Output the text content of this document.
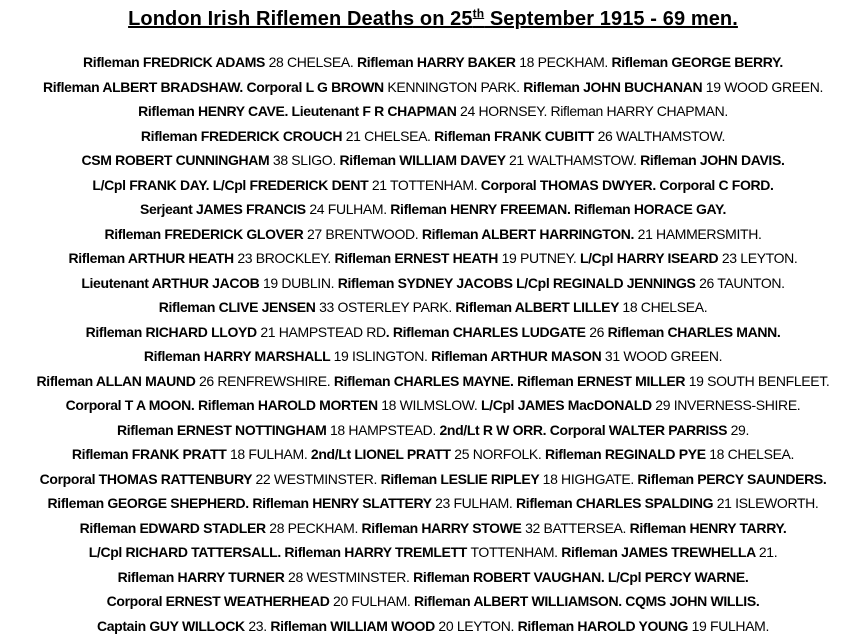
London Irish Riflemen Deaths on 25th September 1915 - 69 men.
Rifleman FREDRICK ADAMS 28 CHELSEA. Rifleman HARRY BAKER 18 PECKHAM. Rifleman GEORGE BERRY.
Rifleman ALBERT BRADSHAW. Corporal L G BROWN KENNINGTON PARK. Rifleman JOHN BUCHANAN 19 WOOD GREEN.
Rifleman HENRY CAVE. Lieutenant F R CHAPMAN 24 HORNSEY. Rifleman HARRY CHAPMAN.
Rifleman FREDERICK CROUCH 21 CHELSEA. Rifleman FRANK CUBITT 26 WALTHAMSTOW.
CSM ROBERT CUNNINGHAM 38 SLIGO. Rifleman WILLIAM DAVEY 21 WALTHAMSTOW. Rifleman JOHN DAVIS.
L/Cpl FRANK DAY. L/Cpl FREDERICK DENT 21 TOTTENHAM. Corporal THOMAS DWYER. Corporal C FORD.
Serjeant JAMES FRANCIS 24 FULHAM. Rifleman HENRY FREEMAN. Rifleman HORACE GAY.
Rifleman FREDERICK GLOVER 27 BRENTWOOD. Rifleman ALBERT HARRINGTON. 21 HAMMERSMITH.
Rifleman ARTHUR HEATH 23 BROCKLEY. Rifleman ERNEST HEATH 19 PUTNEY. L/Cpl HARRY ISEARD 23 LEYTON.
Lieutenant ARTHUR JACOB 19 DUBLIN. Rifleman SYDNEY JACOBS L/Cpl REGINALD JENNINGS 26 TAUNTON.
Rifleman CLIVE JENSEN 33 OSTERLEY PARK. Rifleman ALBERT LILLEY 18 CHELSEA.
Rifleman RICHARD LLOYD 21 HAMPSTEAD RD. Rifleman CHARLES LUDGATE 26 Rifleman CHARLES MANN.
Rifleman HARRY MARSHALL 19 ISLINGTON. Rifleman ARTHUR MASON 31 WOOD GREEN.
Rifleman ALLAN MAUND 26 RENFREWSHIRE. Rifleman CHARLES MAYNE. Rifleman ERNEST MILLER 19 SOUTH BENFLEET.
Corporal T A MOON. Rifleman HAROLD MORTEN 18 WILMSLOW. L/Cpl JAMES MacDONALD 29 INVERNESS-SHIRE.
Rifleman ERNEST NOTTINGHAM 18 HAMPSTEAD. 2nd/Lt R W ORR. Corporal WALTER PARRISS 29.
Rifleman FRANK PRATT 18 FULHAM. 2nd/Lt LIONEL PRATT 25 NORFOLK. Rifleman REGINALD PYE 18 CHELSEA.
Corporal THOMAS RATTENBURY 22 WESTMINSTER. Rifleman LESLIE RIPLEY 18 HIGHGATE. Rifleman PERCY SAUNDERS.
Rifleman GEORGE SHEPHERD. Rifleman HENRY SLATTERY 23 FULHAM. Rifleman CHARLES SPALDING 21 ISLEWORTH.
Rifleman EDWARD STADLER 28 PECKHAM. Rifleman HARRY STOWE 32 BATTERSEA. Rifleman HENRY TARRY.
L/Cpl RICHARD TATTERSALL. Rifleman HARRY TREMLETT TOTTENHAM. Rifleman JAMES TREWHELLA 21.
Rifleman HARRY TURNER 28 WESTMINSTER. Rifleman ROBERT VAUGHAN. L/Cpl PERCY WARNE.
Corporal ERNEST WEATHERHEAD 20 FULHAM. Rifleman ALBERT WILLIAMSON. CQMS JOHN WILLIS.
Captain GUY WILLOCK 23. Rifleman WILLIAM WOOD 20 LEYTON. Rifleman HAROLD YOUNG 19 FULHAM.
